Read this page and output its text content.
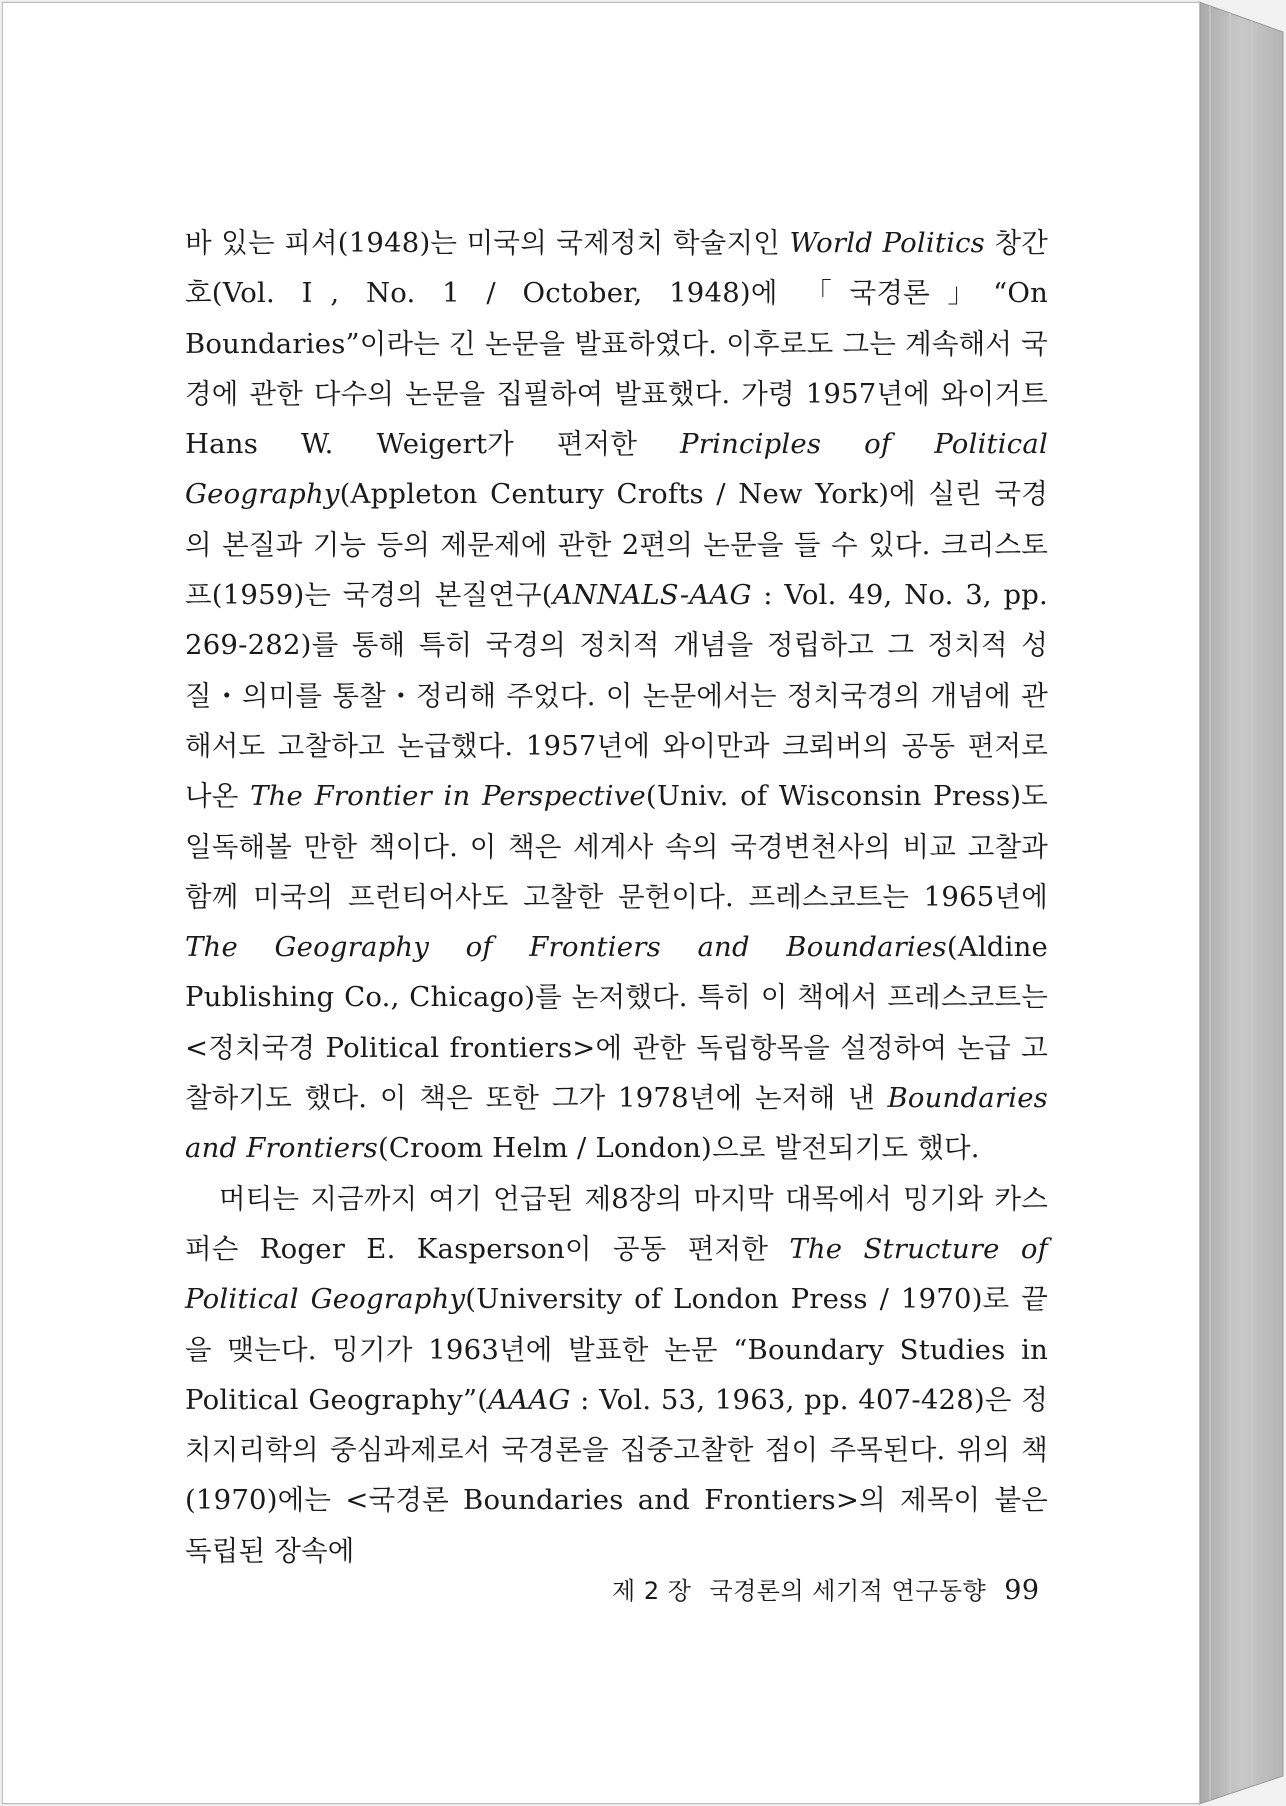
바 있는 피셔(1948)는 미국의 국제정치 학술지인 World Politics 창간호(Vol. Ⅰ, No. 1 / October, 1948)에 「국경론」“On Boundaries”이라는 긴 논문을 발표하였다. 이후로도 그는 계속해서 국경에 관한 다수의 논문을 집필하여 발표했다. 가령 1957년에 와이거트 Hans W. Weigert가 편저한 Principles of Political Geography(Appleton Century Crofts / New York)에 실린 국경의 본질과 기능 등의 제문제에 관한 2편의 논문을 들 수 있다. 크리스토프(1959)는 국경의 본질연구(ANNALS-AAG : Vol. 49, No. 3, pp. 269-282)를 통해 특히 국경의 정치적 개념을 정립하고 그 정치적 성질・의미를 통찰・정리해 주었다. 이 논문에서는 정치국경의 개념에 관해서도 고찰하고 논급했다. 1957년에 와이만과 크뢰버의 공동 편저로 나온 The Frontier in Perspective(Univ. of Wisconsin Press)도 일독해볼 만한 책이다. 이 책은 세계사 속의 국경변천사의 비교 고찰과 함께 미국의 프런티어사도 고찰한 문헌이다. 프레스코트는 1965년에 The Geography of Frontiers and Boundaries(Aldine Publishing Co., Chicago)를 논저했다. 특히 이 책에서 프레스코트는 <정치국경 Political frontiers>에 관한 독립항목을 설정하여 논급 고찰하기도 했다. 이 책은 또한 그가 1978년에 논저해 낸 Boundaries and Frontiers(Croom Helm / London)으로 발전되기도 했다.

머티는 지금까지 여기 언급된 제8장의 마지막 대목에서 밍기와 카스퍼슨 Roger E. Kasperson이 공동 편저한 The Structure of Political Geography(University of London Press / 1970)로 끝을 맺는다. 밍기가 1963년에 발표한 논문 “Boundary Studies in Political Geography”(AAAG : Vol. 53, 1963, pp. 407-428)은 정치지리학의 중심과제로서 국경론을 집중고찰한 점이 주목된다. 위의 책(1970)에는 <국경론 Boundaries and Frontiers>의 제목이 붙은 독립된 장속에

제 2 장 국경론의 세기적 연구동향 99
